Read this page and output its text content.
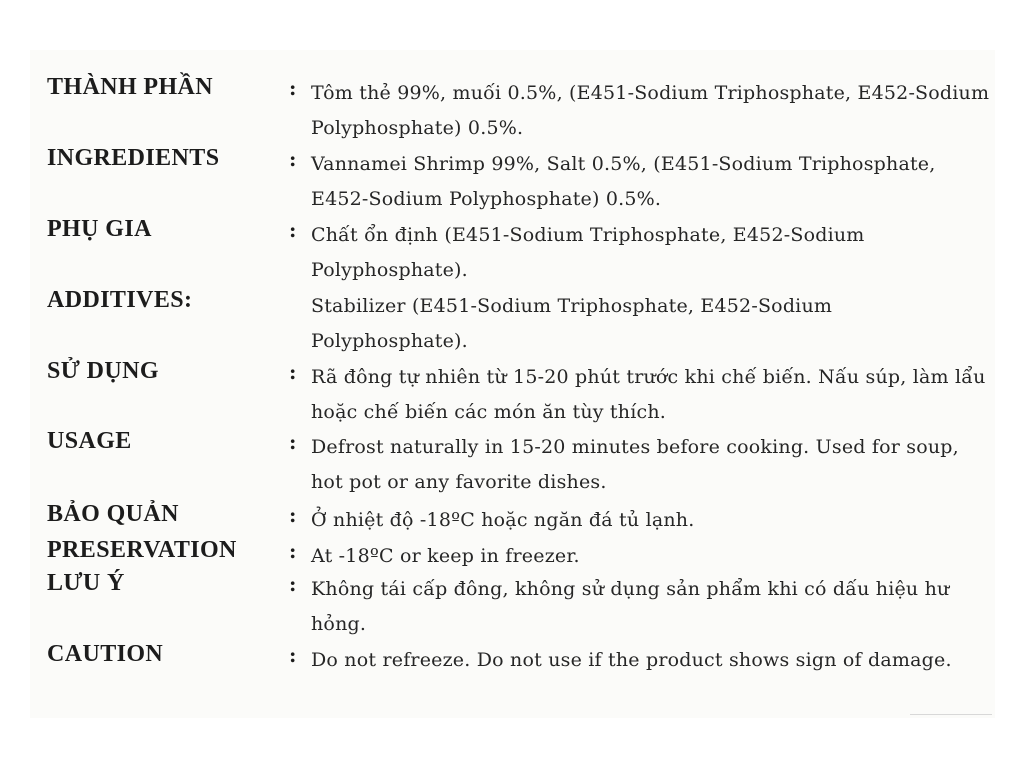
THÀNH PHẦN	: Tôm thẻ 99%, muối 0.5%, (E451-Sodium Triphosphate, E452-Sodium Polyphosphate) 0.5%.
INGREDIENTS	: Vannamei Shrimp 99%, Salt 0.5%, (E451-Sodium Triphosphate, E452-Sodium Polyphosphate) 0.5%.
PHỤ GIA	: Chất ổn định (E451-Sodium Triphosphate, E452-Sodium Polyphosphate).
ADDITIVES:	Stabilizer (E451-Sodium Triphosphate, E452-Sodium Polyphosphate).
SỬ DỤNG	: Rã đông tự nhiên từ 15-20 phút trước khi chế biến. Nấu súp, làm lẩu hoặc chế biến các món ăn tùy thích.
USAGE	: Defrost naturally in 15-20 minutes before cooking. Used for soup, hot pot or any favorite dishes.
BẢO QUẢN	: Ở nhiệt độ -18ºC hoặc ngăn đá tủ lạnh.
PRESERVATION	: At -18ºC or keep in freezer.
LƯU Ý	: Không tái cấp đông, không sử dụng sản phẩm khi có dấu hiệu hư hỏng.
CAUTION	: Do not refreeze. Do not use if the product shows sign of damage.
